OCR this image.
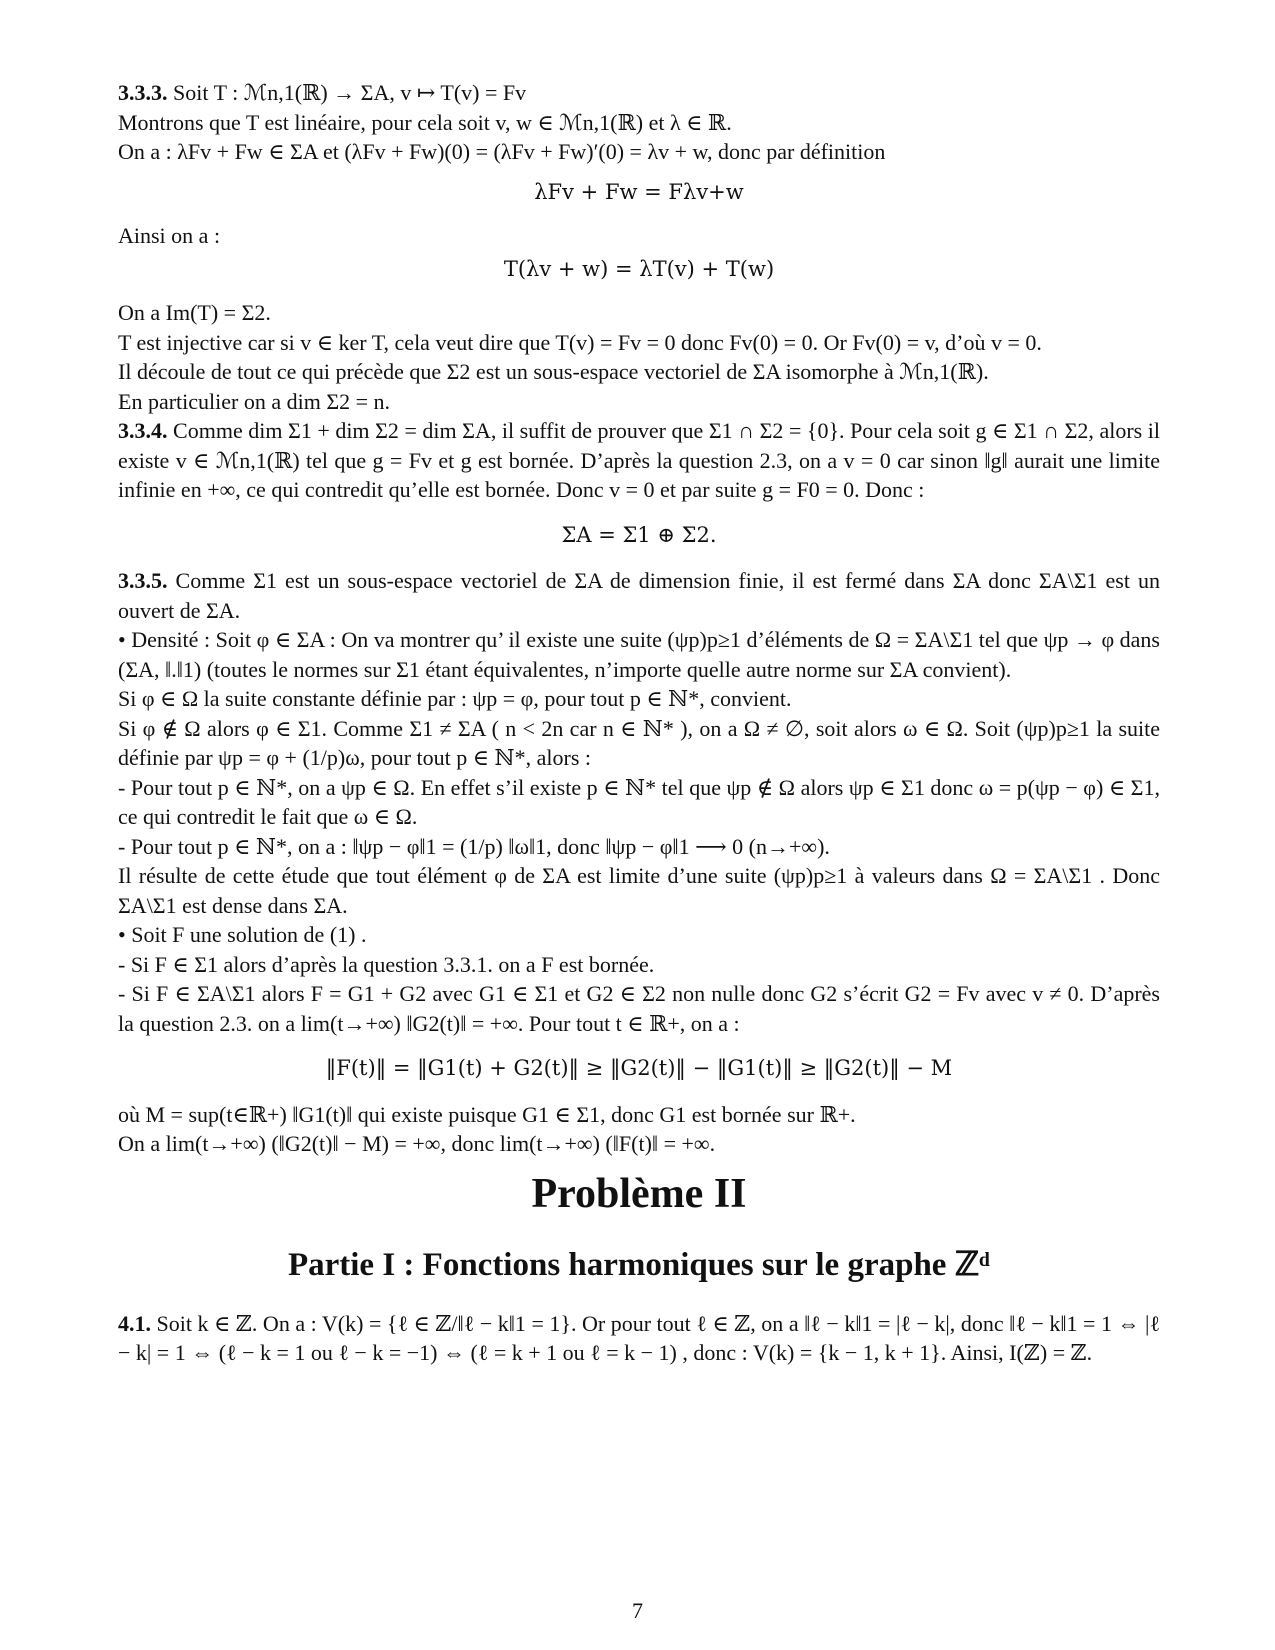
3.3.3. Soit T : ℳn,1(ℝ) → ΣA, v ↦ T(v) = Fv

Montrons que T est linéaire, pour cela soit v, w ∈ ℳn,1(ℝ) et λ ∈ ℝ.

On a : λFv + Fw ∈ ΣA et (λFv + Fw)(0) = (λFv + Fw)′(0) = λv + w, donc par définition

λFv + Fw = Fλv+w

Ainsi on a :

T(λv + w) = λT(v) + T(w)

On a Im(T) = Σ2.

T est injective car si v ∈ ker T, cela veut dire que T(v) = Fv = 0 donc Fv(0) = 0. Or Fv(0) = v, d’où v = 0.

Il découle de tout ce qui précède que Σ2 est un sous-espace vectoriel de ΣA isomorphe à ℳn,1(ℝ).

En particulier on a dim Σ2 = n.

3.3.4. Comme dim Σ1 + dim Σ2 = dim ΣA, il suffit de prouver que Σ1 ∩ Σ2 = {0}. Pour cela soit g ∈ Σ1 ∩ Σ2, alors il existe v ∈ ℳn,1(ℝ) tel que g = Fv et g est bornée. D’après la question 2.3, on a v = 0 car sinon ‖g‖ aurait une limite infinie en +∞, ce qui contredit qu’elle est bornée. Donc v = 0 et par suite g = F0 = 0. Donc :

ΣA = Σ1 ⊕ Σ2.

3.3.5. Comme Σ1 est un sous-espace vectoriel de ΣA de dimension finie, il est fermé dans ΣA donc ΣA\Σ1 est un ouvert de ΣA.

• Densité : Soit φ ∈ ΣA : On va montrer qu’ il existe une suite (ψp)p≥1 d’éléments de Ω = ΣA\Σ1 tel que ψp → φ dans (ΣA, ‖.‖1) (toutes le normes sur Σ1 étant équivalentes, n’importe quelle autre norme sur ΣA convient).

Si φ ∈ Ω la suite constante définie par : ψp = φ, pour tout p ∈ ℕ*, convient.

Si φ ∉ Ω alors φ ∈ Σ1. Comme Σ1 ≠ ΣA ( n < 2n car n ∈ ℕ* ), on a Ω ≠ ∅, soit alors ω ∈ Ω. Soit (ψp)p≥1 la suite définie par ψp = φ + (1/p)ω, pour tout p ∈ ℕ*, alors :

- Pour tout p ∈ ℕ*, on a ψp ∈ Ω. En effet s’il existe p ∈ ℕ* tel que ψp ∉ Ω alors ψp ∈ Σ1 donc ω = p(ψp − φ) ∈ Σ1, ce qui contredit le fait que ω ∈ Ω.

- Pour tout p ∈ ℕ*, on a : ‖ψp − φ‖1 = (1/p) ‖ω‖1, donc ‖ψp − φ‖1 ⟶ 0 (n→+∞).

Il résulte de cette étude que tout élément φ de ΣA est limite d’une suite (ψp)p≥1 à valeurs dans Ω = ΣA\Σ1 . Donc ΣA\Σ1 est dense dans ΣA.

• Soit F une solution de (1) .

- Si F ∈ Σ1 alors d’après la question 3.3.1. on a F est bornée.

- Si F ∈ ΣA\Σ1 alors F = G1 + G2 avec G1 ∈ Σ1 et G2 ∈ Σ2 non nulle donc G2 s’écrit G2 = Fv avec v ≠ 0. D’après la question 2.3. on a lim(t→+∞) ‖G2(t)‖ = +∞. Pour tout t ∈ ℝ+, on a :

‖F(t)‖ = ‖G1(t) + G2(t)‖ ≥ ‖G2(t)‖ − ‖G1(t)‖ ≥ ‖G2(t)‖ − M

où M = sup(t∈ℝ+) ‖G1(t)‖ qui existe puisque G1 ∈ Σ1, donc G1 est bornée sur ℝ+.

On a lim(t→+∞) (‖G2(t)‖ − M) = +∞, donc lim(t→+∞) (‖F(t)‖ = +∞.

Problème II
Partie I : Fonctions harmoniques sur le graphe ℤᵈ

4.1. Soit k ∈ ℤ. On a : V(k) = {ℓ ∈ ℤ/‖ℓ − k‖1 = 1}. Or pour tout ℓ ∈ ℤ, on a ‖ℓ − k‖1 = |ℓ − k|, donc ‖ℓ − k‖1 = 1 ⇔ |ℓ − k| = 1 ⇔ (ℓ − k = 1 ou ℓ − k = −1) ⇔ (ℓ = k + 1 ou ℓ = k − 1) , donc : V(k) = {k − 1, k + 1}. Ainsi, I(ℤ) = ℤ.

7
